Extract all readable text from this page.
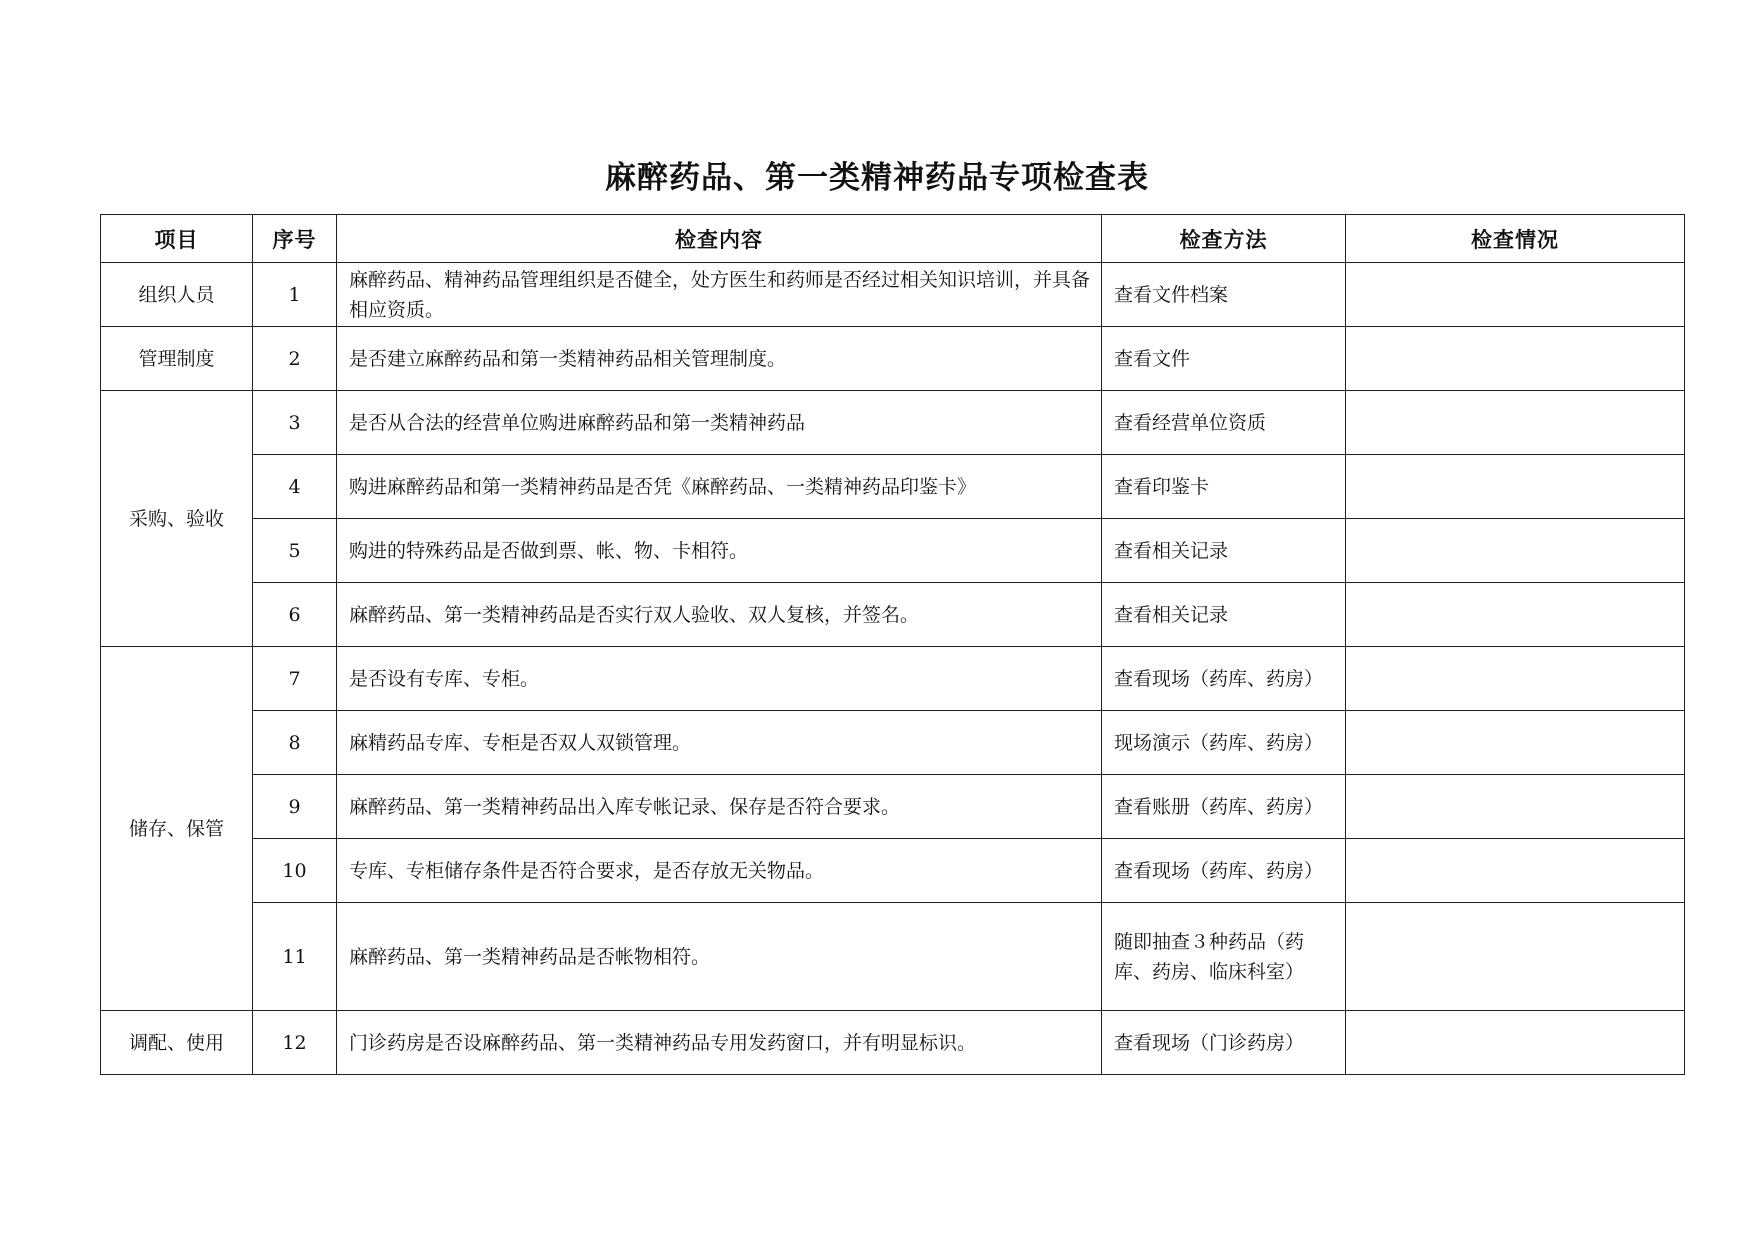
麻醉药品、第一类精神药品专项检查表
项目	序号	检查内容	检查方法	检查情况
组织人员	1	麻醉药品、精神药品管理组织是否健全，处方医生和药师是否经过相关知识培训，并具备相应资质。	查看文件档案	
管理制度	2	是否建立麻醉药品和第一类精神药品相关管理制度。	查看文件	
采购、验收	3	是否从合法的经营单位购进麻醉药品和第一类精神药品	查看经营单位资质	
	4	购进麻醉药品和第一类精神药品是否凭《麻醉药品、一类精神药品印鉴卡》	查看印鉴卡	
	5	购进的特殊药品是否做到票、帐、物、卡相符。	查看相关记录	
	6	麻醉药品、第一类精神药品是否实行双人验收、双人复核，并签名。	查看相关记录	
储存、保管	7	是否设有专库、专柜。	查看现场（药库、药房）	
	8	麻精药品专库、专柜是否双人双锁管理。	现场演示（药库、药房）	
	9	麻醉药品、第一类精神药品出入库专帐记录、保存是否符合要求。	查看账册（药库、药房）	
	10	专库、专柜储存条件是否符合要求，是否存放无关物品。	查看现场（药库、药房）	
	11	麻醉药品、第一类精神药品是否帐物相符。	随即抽查３种药品（药库、药房、临床科室）	
调配、使用	12	门诊药房是否设麻醉药品、第一类精神药品专用发药窗口，并有明显标识。	查看现场（门诊药房）	
